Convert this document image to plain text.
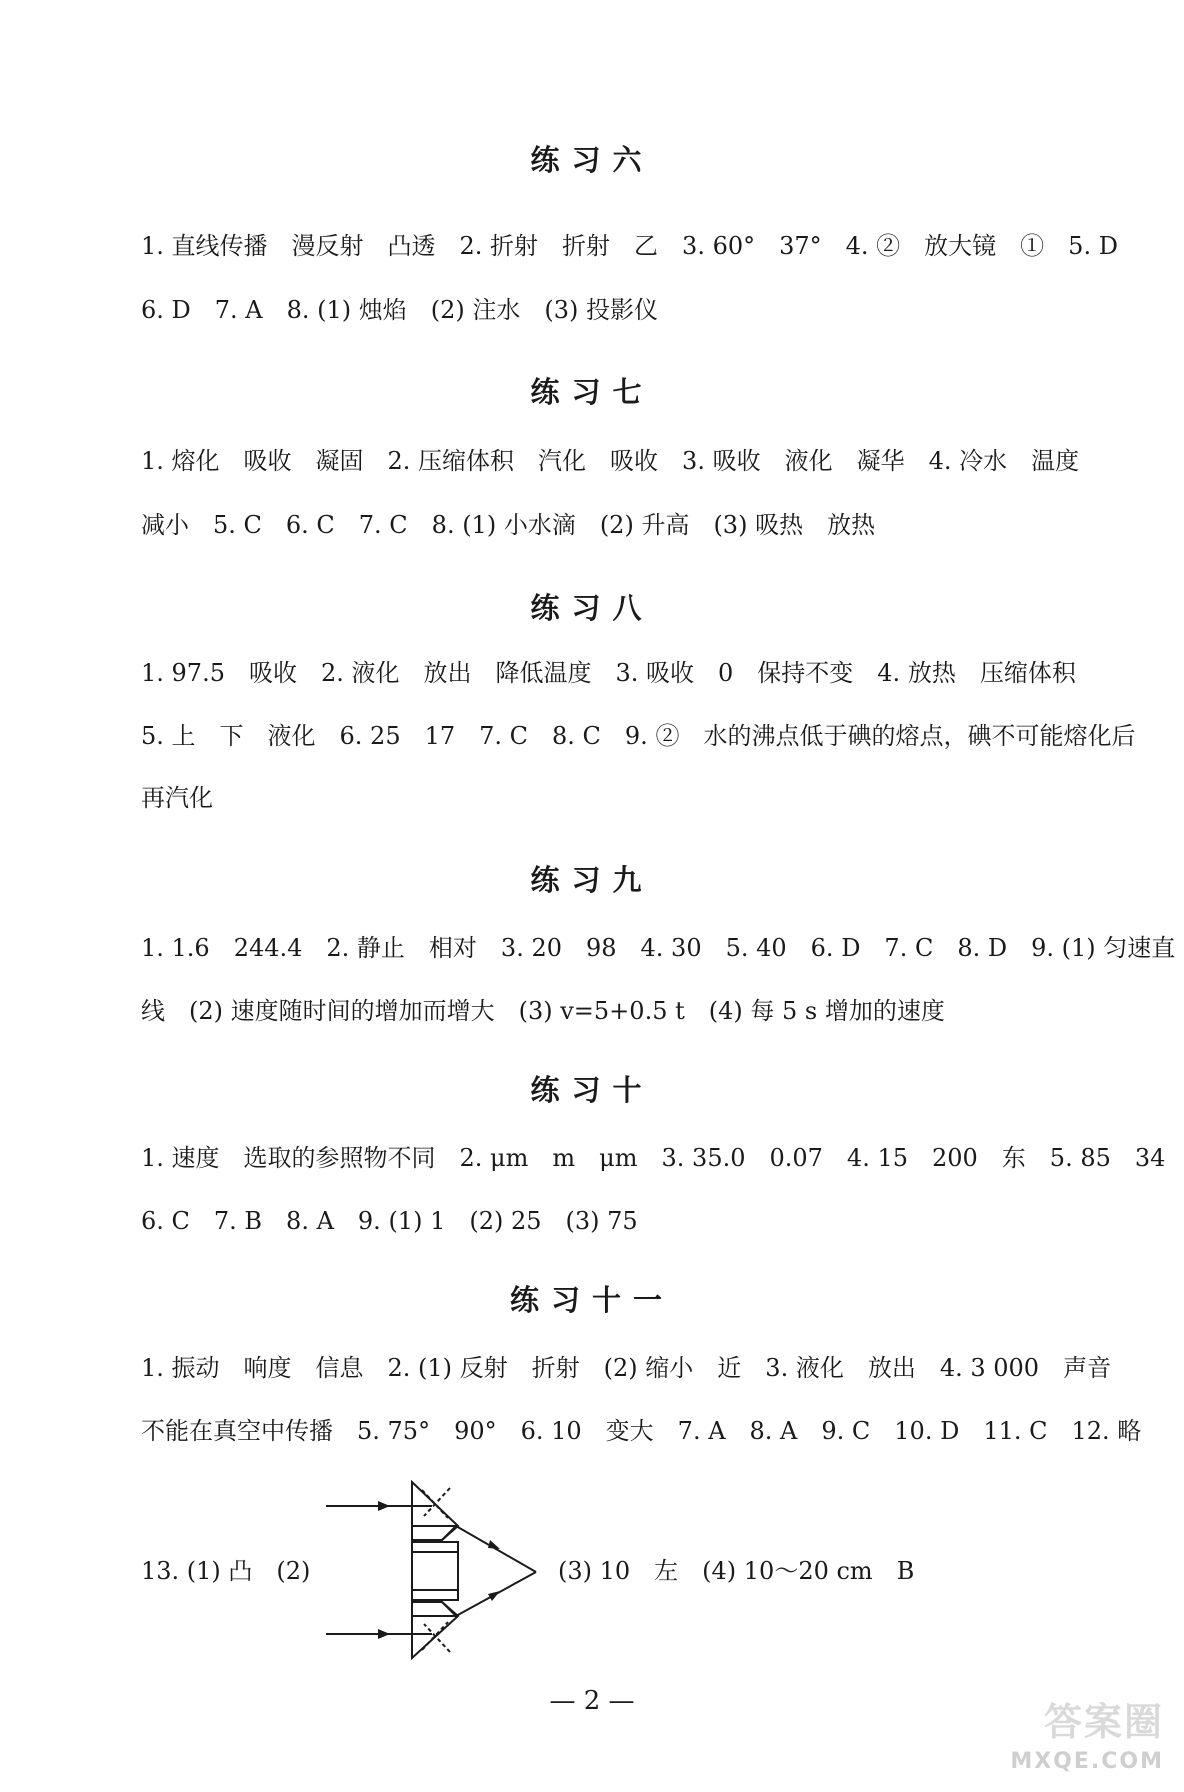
练习六
1. 直线传播　漫反射　凸透　2. 折射　折射　乙　3. 60°　37°　4. ②　放大镜　①　5. D
6. D　7. A　8. (1) 烛焰　(2) 注水　(3) 投影仪
练习七
1. 熔化　吸收　凝固　2. 压缩体积　汽化　吸收　3. 吸收　液化　凝华　4. 冷水　温度
减小　5. C　6. C　7. C　8. (1) 小水滴　(2) 升高　(3) 吸热　放热
练习八
1. 97.5　吸收　2. 液化　放出　降低温度　3. 吸收　0　保持不变　4. 放热　压缩体积
5. 上　下　液化　6. 25　17　7. C　8. C　9. ②　水的沸点低于碘的熔点，碘不可能熔化后
再汽化
练习九
1. 1.6　244.4　2. 静止　相对　3. 20　98　4. 30　5. 40　6. D　7. C　8. D　9. (1) 匀速直
线　(2) 速度随时间的增加而增大　(3) v=5+0.5 t　(4) 每 5 s 增加的速度
练习十
1. 速度　选取的参照物不同　2. μm　m　μm　3. 35.0　0.07　4. 15　200　东　5. 85　34
6. C　7. B　8. A　9. (1) 1　(2) 25　(3) 75
练习十一
1. 振动　响度　信息　2. (1) 反射　折射　(2) 缩小　近　3. 液化　放出　4. 3 000　声音
不能在真空中传播　5. 75°　90°　6. 10　变大　7. A　8. A　9. C　10. D　11. C　12. 略
13. (1) 凸　(2)	(3) 10　左　(4) 10～20 cm　B
— 2 —	答案圈
MXQE.COM
